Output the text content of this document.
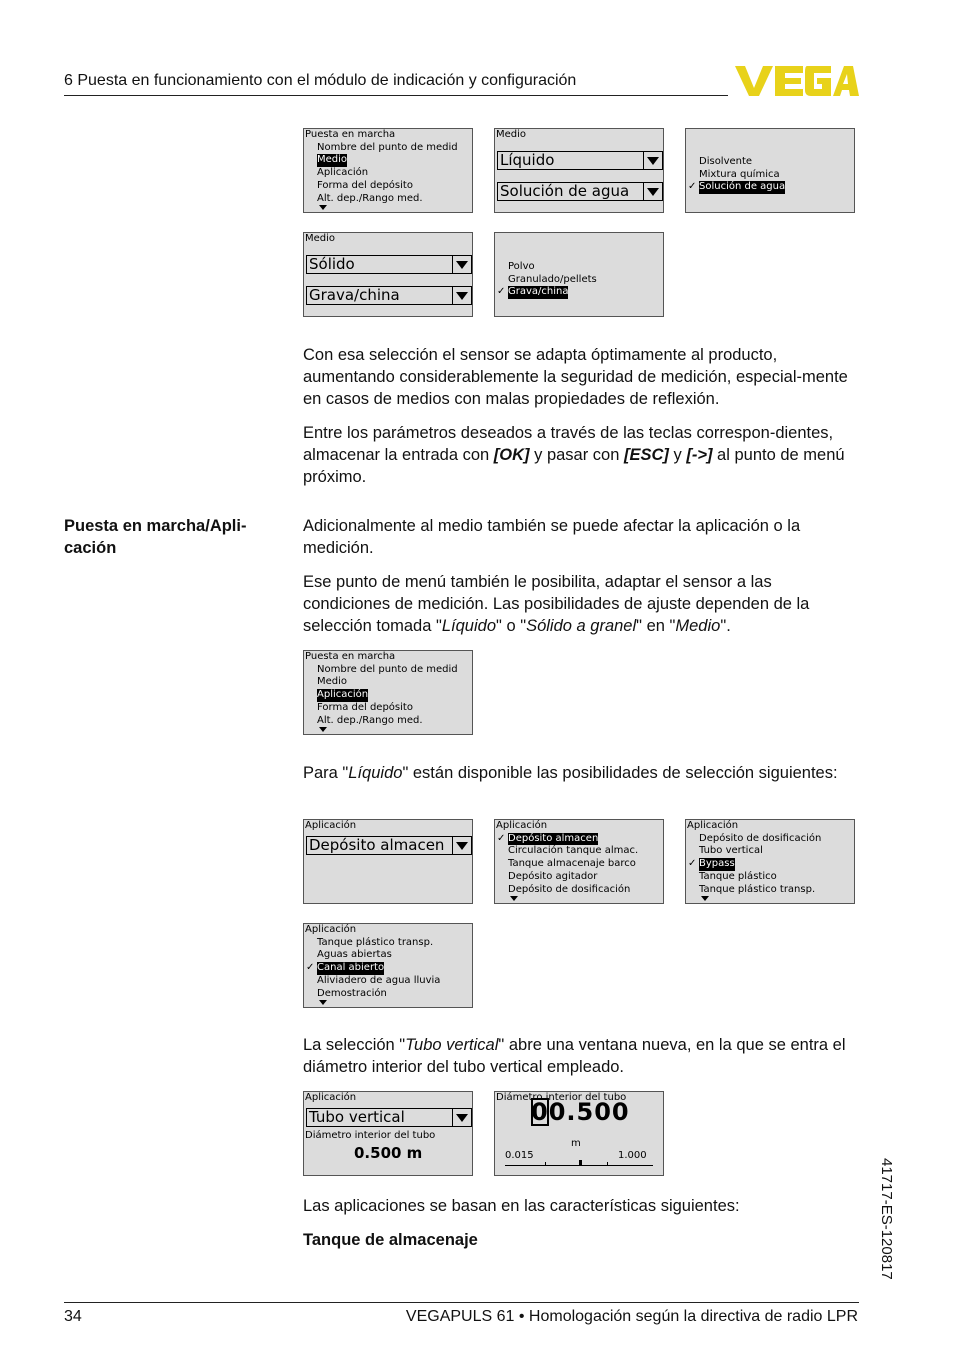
6 Puesta en funcionamiento con el módulo de indicación y configuración
Puesta en marcha
Nombre del punto de medid
Medio
Aplicación
Forma del depósito
Alt. dep./Rango med.
Medio
Líquido
Solución de agua
Disolvente
Mixtura química
✓ Solución de agua
Medio
Sólido
Grava/china
Polvo
Granulado/pellets
✓ Grava/china

Con esa selección el sensor se adapta óptimamente al producto, aumentando considerablemente la seguridad de medición, especial-mente en casos de medios con malas propiedades de reflexión.

Entre los parámetros deseados a través de las teclas correspon-dientes, almacenar la entrada con [OK] y pasar con [ESC] y [->] al punto de menú próximo.

Puesta en marcha/Apli-cación

Adicionalmente al medio también se puede afectar la aplicación o la medición.

Ese punto de menú también le posibilita, adaptar el sensor a las condiciones de medición. Las posibilidades de ajuste dependen de la selección tomada "Líquido" o "Sólido a granel" en "Medio".

Puesta en marcha
Nombre del punto de medid
Medio
Aplicación
Forma del depósito
Alt. dep./Rango med.

Para "Líquido" están disponible las posibilidades de selección siguientes:

Aplicación
Depósito almacen
Aplicación
✓ Depósito almacen
Circulación tanque almac.
Tanque almacenaje barco
Depósito agitador
Depósito de dosificación
Aplicación
Depósito de dosificación
Tubo vertical
✓ Bypass
Tanque plástico
Tanque plástico transp.
Aplicación
Tanque plástico transp.
Aguas abiertas
✓ Canal abierto
Aliviadero de agua lluvia
Demostración

La selección "Tubo vertical" abre una ventana nueva, en la que se entra el diámetro interior del tubo vertical empleado.

Aplicación
Tubo vertical
Diámetro interior del tubo
0.500 m
Diámetro interior del tubo
00.500
m
0.015	1.000

Las aplicaciones se basan en las características siguientes:

Tanque de almacenaje	41717-ES-120817
34	VEGAPULS 61 • Homologación según la directiva de radio LPR
